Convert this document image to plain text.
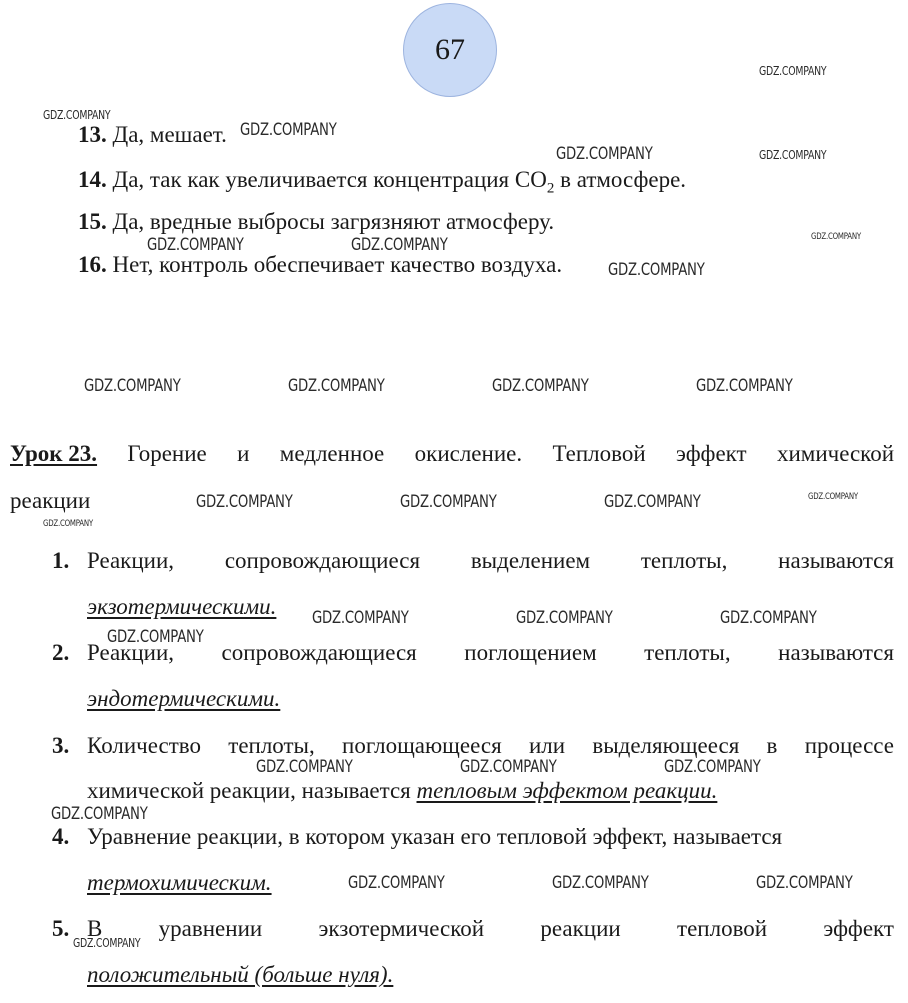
67
13. Да, мешает.
14. Да, так как увеличивается концентрация $СО_2$ в атмосфере.
15. Да, вредные выбросы загрязняют атмосферу.
16. Нет, контроль обеспечивает качество воздуха.
Урок 23. Горение и медленное окисление. Тепловой эффект химической
реакции
1. Реакции, сопровождающиеся выделением теплоты, называются
экзотермическими.
2. Реакции, сопровождающиеся поглощением теплоты, называются
эндотермическими.
3. Количество теплоты, поглощающееся или выделяющееся в процессе
химической реакции, называется тепловым эффектом реакции.
4. Уравнение реакции, в котором указан его тепловой эффект, называется
термохимическим.
5. В уравнении экзотермической реакции тепловой эффект
положительный (больше нуля).
GDZ.COMPANY
GDZ.COMPANY
GDZ.COMPANY
GDZ.COMPANY	GDZ.COMPANY
GDZ.COMPANY	GDZ.COMPANY	GDZ.COMPANY
GDZ.COMPANY
GDZ.COMPANY	GDZ.COMPANY	GDZ.COMPANY	GDZ.COMPANY
GDZ.COMPANY	GDZ.COMPANY	GDZ.COMPANY	GDZ.COMPANY
GDZ.COMPANY
GDZ.COMPANY	GDZ.COMPANY	GDZ.COMPANY
GDZ.COMPANY
GDZ.COMPANY	GDZ.COMPANY	GDZ.COMPANY
GDZ.COMPANY
GDZ.COMPANY	GDZ.COMPANY	GDZ.COMPANY
GDZ.COMPANY
